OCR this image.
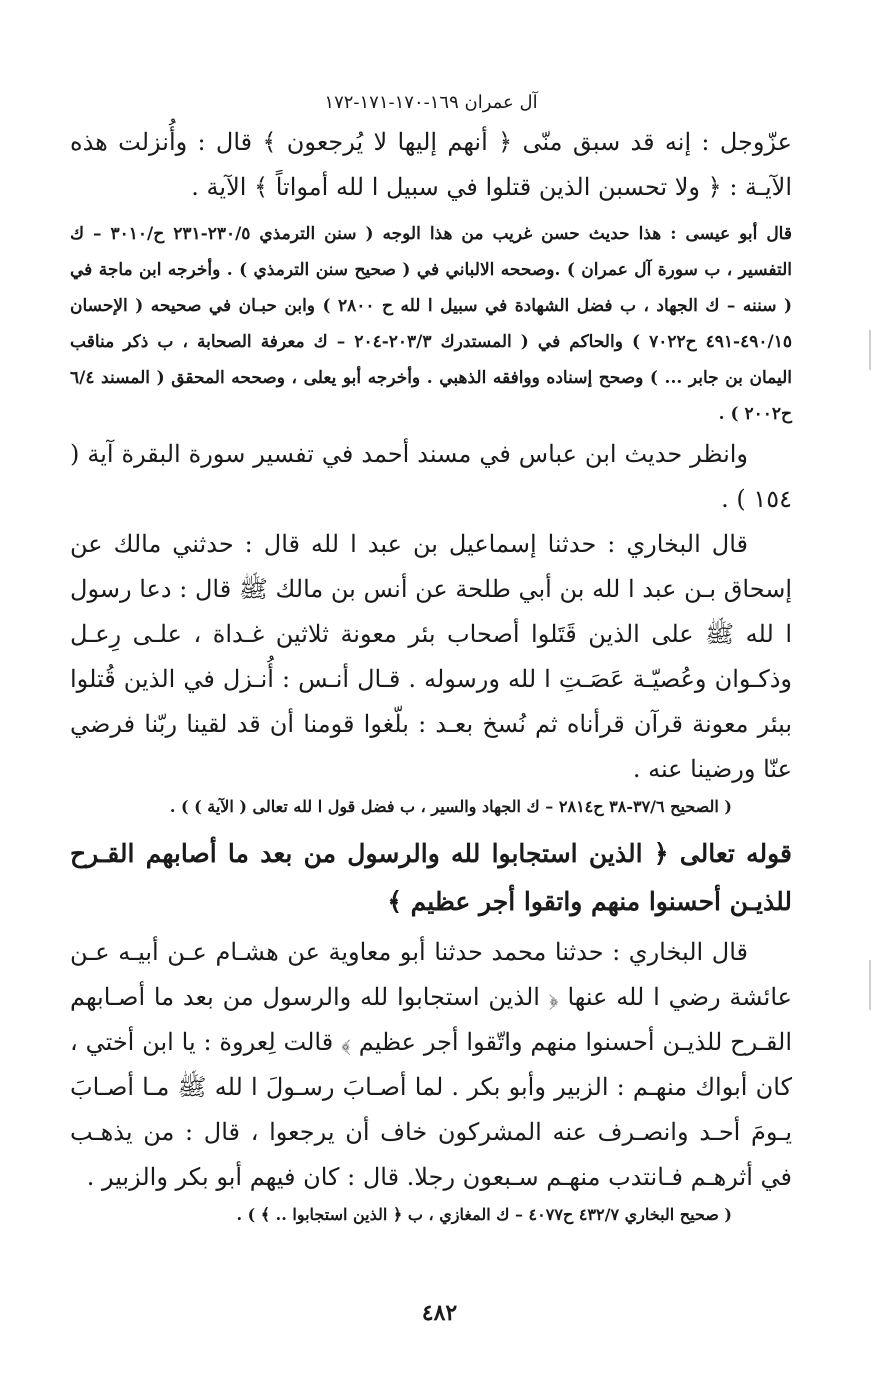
آل عمران ١٦٩-١٧٠-١٧١-١٧٢

عزّوجل : إنه قد سبق منّى ﴿ أنهم إليها لا يُرجعون ﴾ قال : وأُنزلت هذه الآيـة : ﴿ ولا تحسبن الذين قتلوا في سبيل ا لله أمواتاً ﴾ الآية .

قال أبو عيسى : هذا حديث حسن غريب من هذا الوجه ( سنن الترمذي ٢٣٠/٥-٢٣١ ح/٣٠١٠ – ك التفسير ، ب سورة آل عمران ) .وصححه الالباني في ( صحيح سنن الترمذي ) . وأخرجه ابن ماجة في ( سننه – ك الجهاد ، ب فضل الشهادة في سبيل ا لله ح ٢٨٠٠ ) وابن حبـان في صحيحه ( الإحسان ٤٩٠/١٥-٤٩١ ح٧٠٢٢ ) والحاكم في ( المستدرك ٢٠٣/٣-٢٠٤ – ك معرفة الصحابة ، ب ذكر مناقب اليمان بن جابر ... ) وصحح إسناده ووافقه الذهبي . وأخرجه أبو يعلى ، وصححه المحقق ( المسند ٦/٤ ح٢٠٠٢ ) .

وانظر حديث ابن عباس في مسند أحمد في تفسير سورة البقرة آية ( ١٥٤ ) .

قال البخاري : حدثنا إسماعيل بن عبد ا لله قال : حدثني مالك عن إسحاق بـن عبد ا لله بن أبي طلحة عن أنس بن مالك ﷺ قال : دعا رسول ا لله ﷺ على الذين قَتَلوا أصحاب بئر معونة ثلاثين غـداة ، علـى رِعـل وذكـوان وعُصيّـة عَصَـتِ ا لله ورسوله . قـال أنـس : أُنـزل في الذين قُتلوا ببئر معونة قرآن قرأناه ثم نُسخ بعـد : بلّغوا قومنا أن قد لقينا ربّنا فرضي عنّا ورضينا عنه .

( الصحيح ٣٧/٦-٣٨ ح٢٨١٤ – ك الجهاد والسير ، ب فضل قول ا لله تعالى ( الآية ) ) .

قوله تعالى ﴿ الذين استجابوا لله والرسول من بعد ما أصابهم القـرح للذيـن أحسنوا منهم واتقوا أجر عظيم ﴾

قال البخاري : حدثنا محمد حدثنا أبو معاوية عن هشـام عـن أبيـه عـن عائشة رضي ا لله عنها ﴿ الذين استجابوا لله والرسول من بعد ما أصـابهم القـرح للذيـن أحسنوا منهم واتّقوا أجر عظيم ﴾ قالت لِعروة : يا ابن أختي ، كان أبواك منهـم : الزبير وأبو بكر . لما أصـابَ رسـولَ ا لله ﷺ مـا أصـابَ يـومَ أحـد وانصـرف عنه المشركون خاف أن يرجعوا ، قال : من يذهـب في أثرهـم فـانتدب منهـم سـبعون رجلا. قال : كان فيهم أبو بكر والزبير .

( صحيح البخاري ٤٣٢/٧ ح٤٠٧٧ – ك المغازي ، ب ﴿ الذين استجابوا .. ﴾ ) .

٤٨٢
